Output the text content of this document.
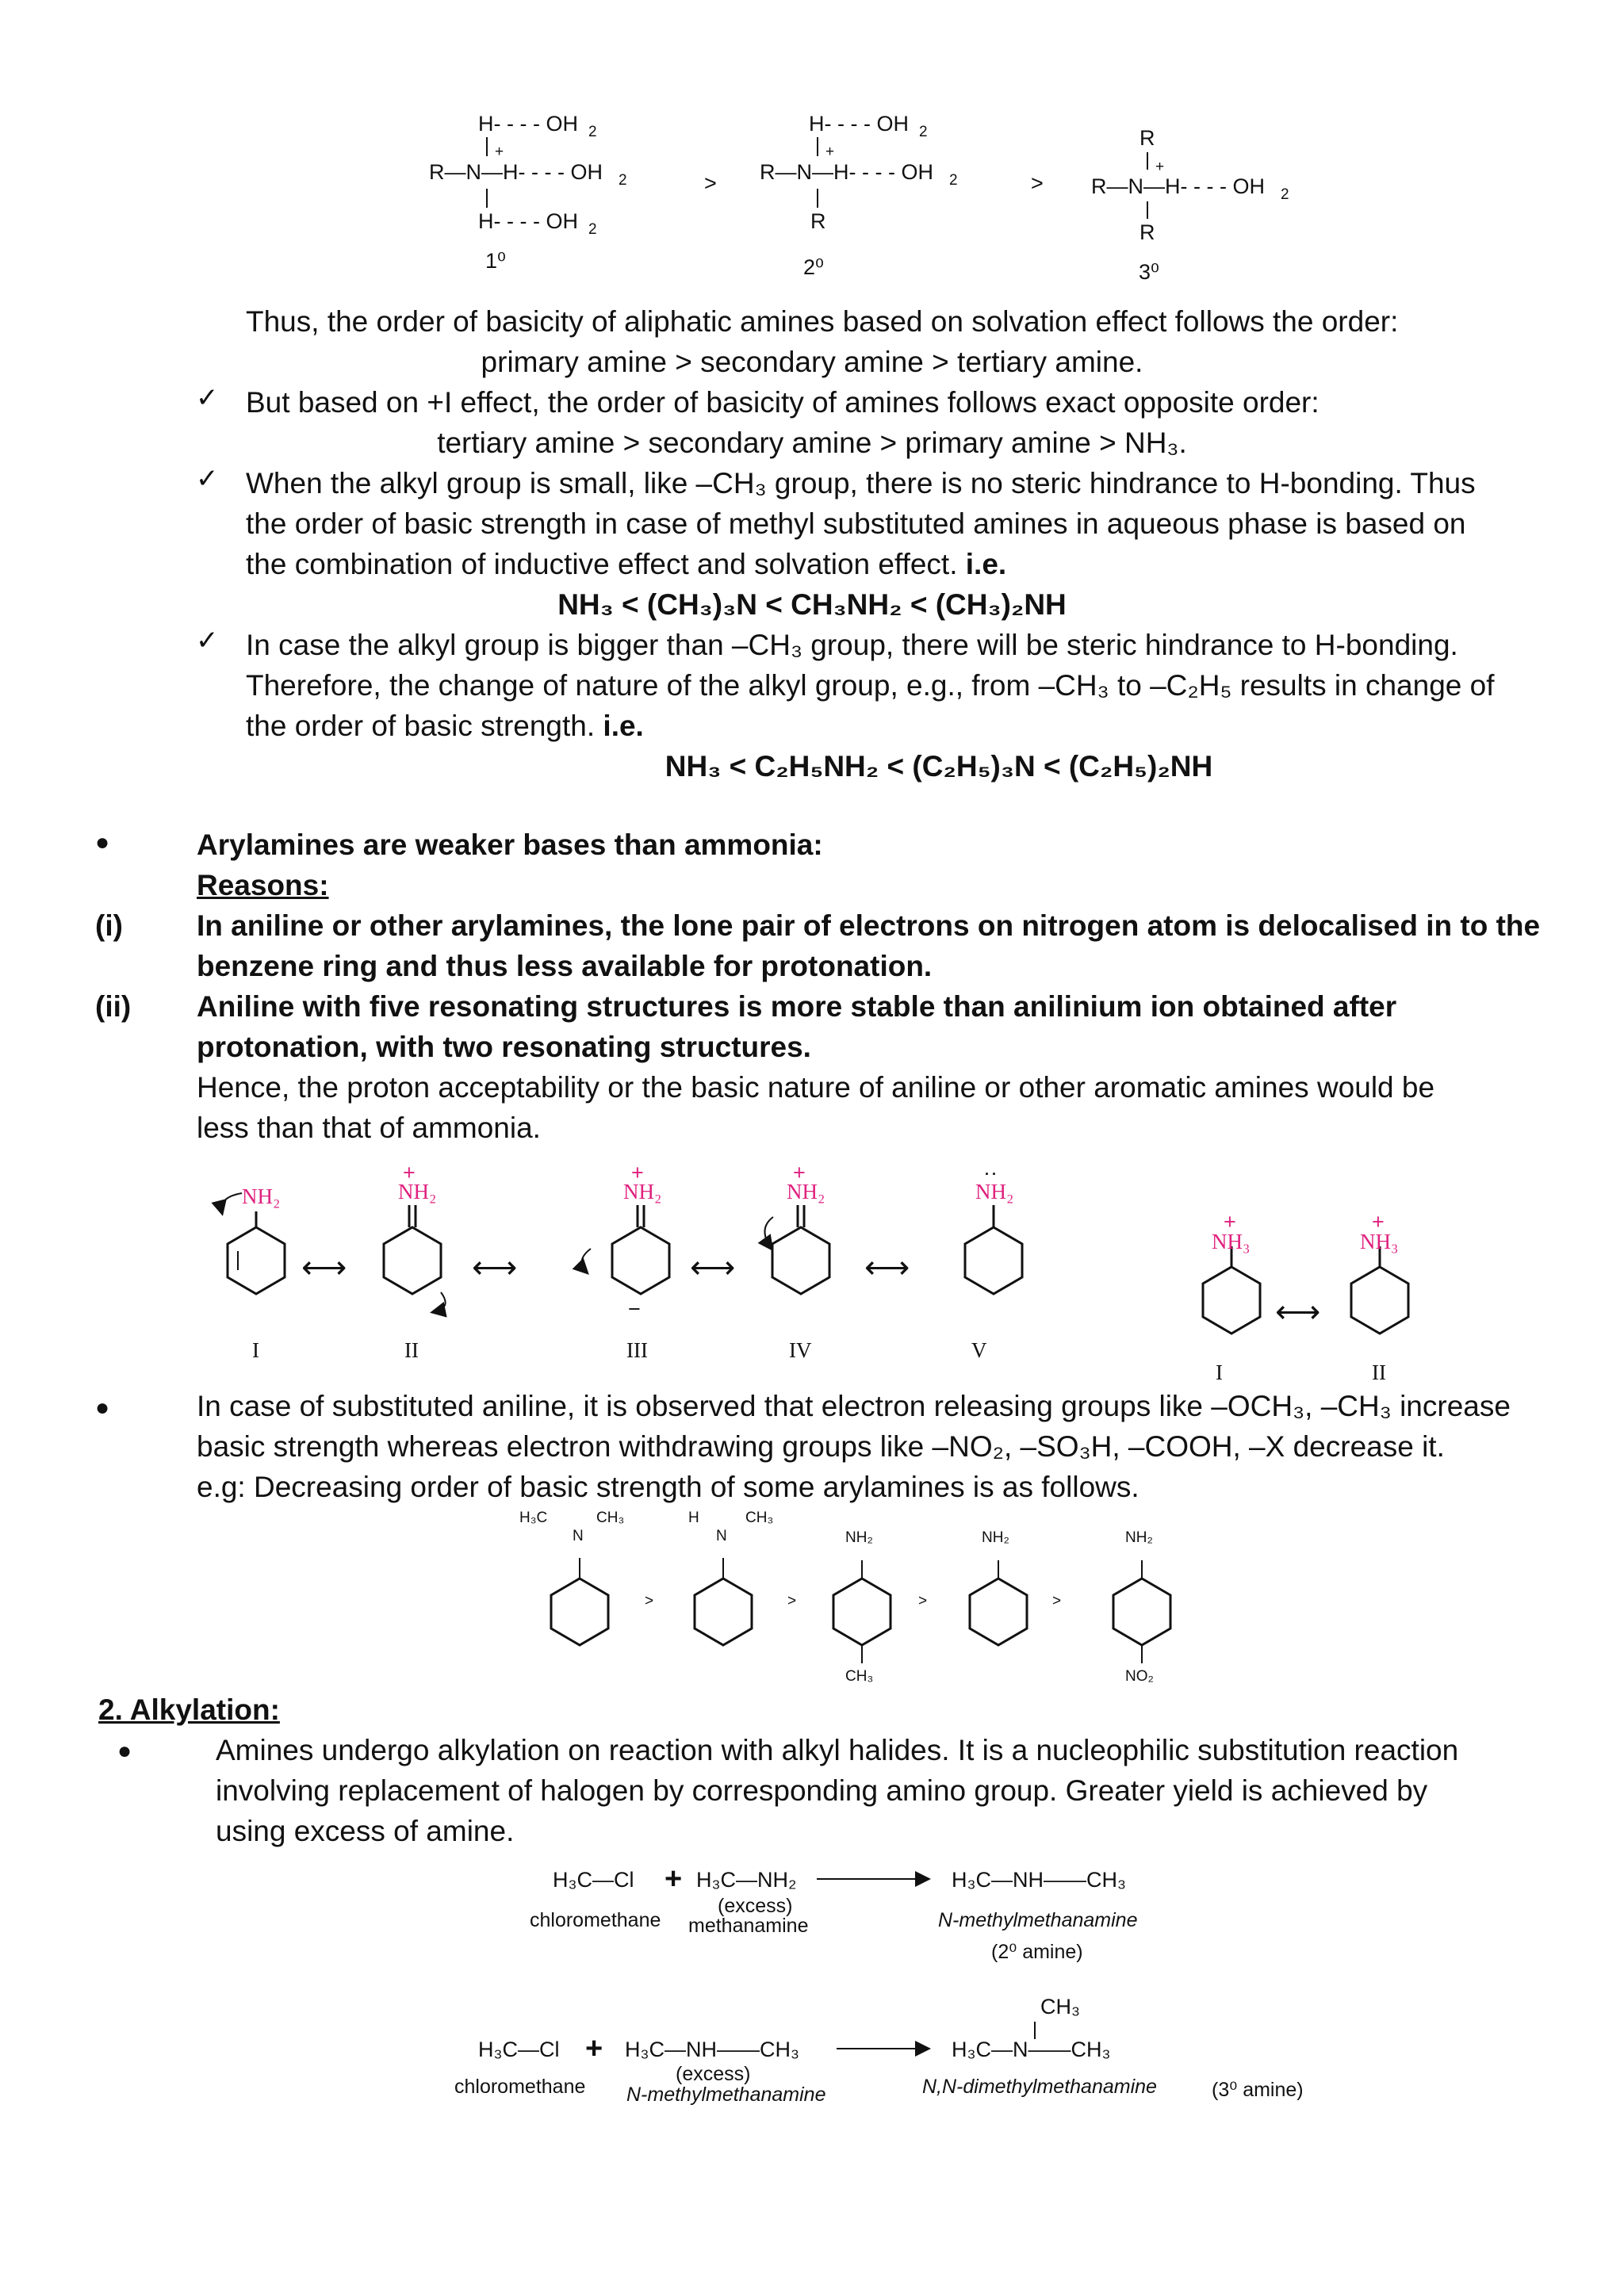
H- - - - OH 2
+
R—N—H- - - - OH 2
H- - - - OH 2
>
H- - - - OH 2
+
R—N—H- - - - OH 2
R
>
R
+
R—N—H- - - - OH 2
R
1⁰	2⁰	3⁰
Thus, the order of basicity of aliphatic amines based on solvation effect follows the order:
primary amine > secondary amine > tertiary amine.
✓ But based on +I effect, the order of basicity of amines follows exact opposite order:
tertiary amine > secondary amine > primary amine > NH₃.
✓ When the alkyl group is small, like –CH₃ group, there is no steric hindrance to H-bonding. Thus
the order of basic strength in case of methyl substituted amines in aqueous phase is based on
the combination of inductive effect and solvation effect. i.e.
NH₃ < (CH₃)₃N < CH₃NH₂ < (CH₃)₂NH
✓ In case the alkyl group is bigger than –CH₃ group, there will be steric hindrance to H-bonding.
Therefore, the change of nature of the alkyl group, e.g., from –CH₃ to –C₂H₅ results in change of
the order of basic strength. i.e.
NH₃ < C₂H₅NH₂ < (C₂H₅)₃N < (C₂H₅)₂NH
●	Arylamines are weaker bases than ammonia:
Reasons:
(i)	In aniline or other arylamines, the lone pair of electrons on nitrogen atom is delocalised in to the
benzene ring and thus less available for protonation.
(ii) Aniline with five resonating structures is more stable than anilinium ion obtained after
protonation, with two resonating structures.
Hence, the proton acceptability or the basic nature of aniline or other aromatic amines would be
less than that of ammonia.
NH₂
⟷
+
NH₂
⟷
+
NH₂
−
⟷
+
NH₂
⟷
··
NH₂
+
NH₃
⟷
+
NH₃
I	II	III	IV	V
I	II
●	In case of substituted aniline, it is observed that electron releasing groups like –OCH₃, –CH₃ increase
basic strength whereas electron withdrawing groups like –NO₂, –SO₃H, –COOH, –X decrease it.
e.g: Decreasing order of basic strength of some arylamines is as follows.
N
H₃C	CH₃
>
N
H	CH₃
>
NH₂
CH₃
>
NH₂
>
NH₂
NO₂
2. Alkylation:
●	Amines undergo alkylation on reaction with alkyl halides. It is a nucleophilic substitution reaction
involving replacement of halogen by corresponding amino group. Greater yield is achieved by
using excess of amine.
H₃C—Cl + H₃C—NH₂
(excess)
chloromethane methanamine
H₃C—NH——CH₃
N-methylmethanamine
(2⁰ amine)
CH₃
H₃C—Cl + H₃C—NH——CH₃
(excess)
chloromethane N-methylmethanamine
H₃C—N——CH₃
N,N-dimethylmethanamine	(3⁰ amine)
